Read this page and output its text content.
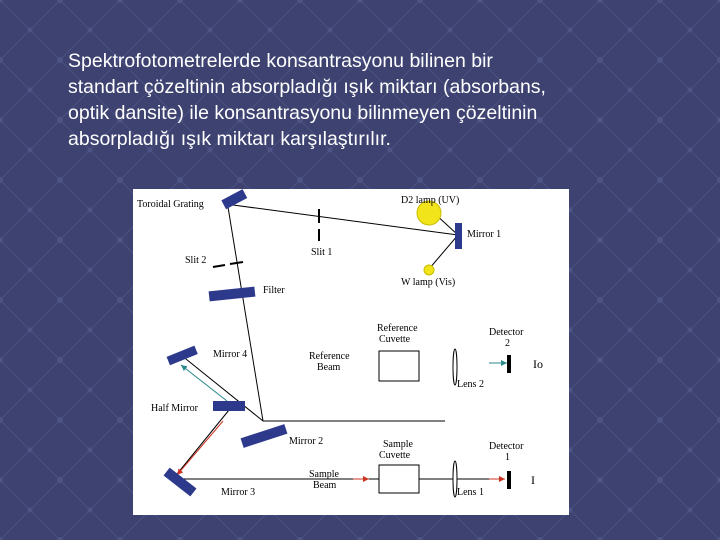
Spektrofotometrelerde konsantrasyonu bilinen bir

standart çözeltinin absorpladığı ışık miktarı (absorbans,

optik dansite) ile konsantrasyonu bilinmeyen çözeltinin

absorpladığı ışık miktarı karşılaştırılır.

Toroidal Grating	D2 lamp (UV)
Mirror 1
Slit 1
Slit 2
W lamp (Vis)
Filter
Reference Cuvette
Detector 2
Io
Mirror 4	Reference Beam
Lens 2
Half Mirror
Mirror 2	Sample Cuvette
Detector 1
Sample Beam
Mirror 3	Lens 1
I
